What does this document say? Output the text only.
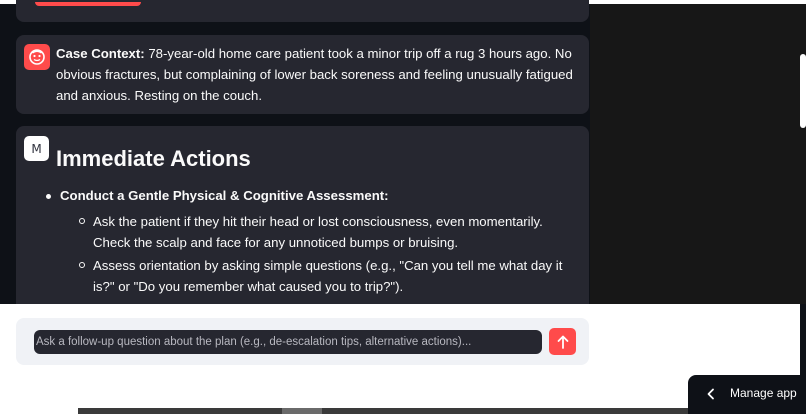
Case Context: 78-year-old home care patient took a minor trip off a rug 3 hours ago. No obvious fractures, but complaining of lower back soreness and feeling unusually fatigued and anxious. Resting on the couch.

M Immediate Actions
Conduct a Gentle Physical & Cognitive Assessment:
Ask the patient if they hit their head or lost consciousness, even momentarily. Check the scalp and face for any unnoticed bumps or bruising.
Assess orientation by asking simple questions (e.g., "Can you tell me what day it is?" or "Do you remember what caused you to trip?").
Ask a follow-up question about the plan (e.g., de-escalation tips, alternative actions)...
Manage app
